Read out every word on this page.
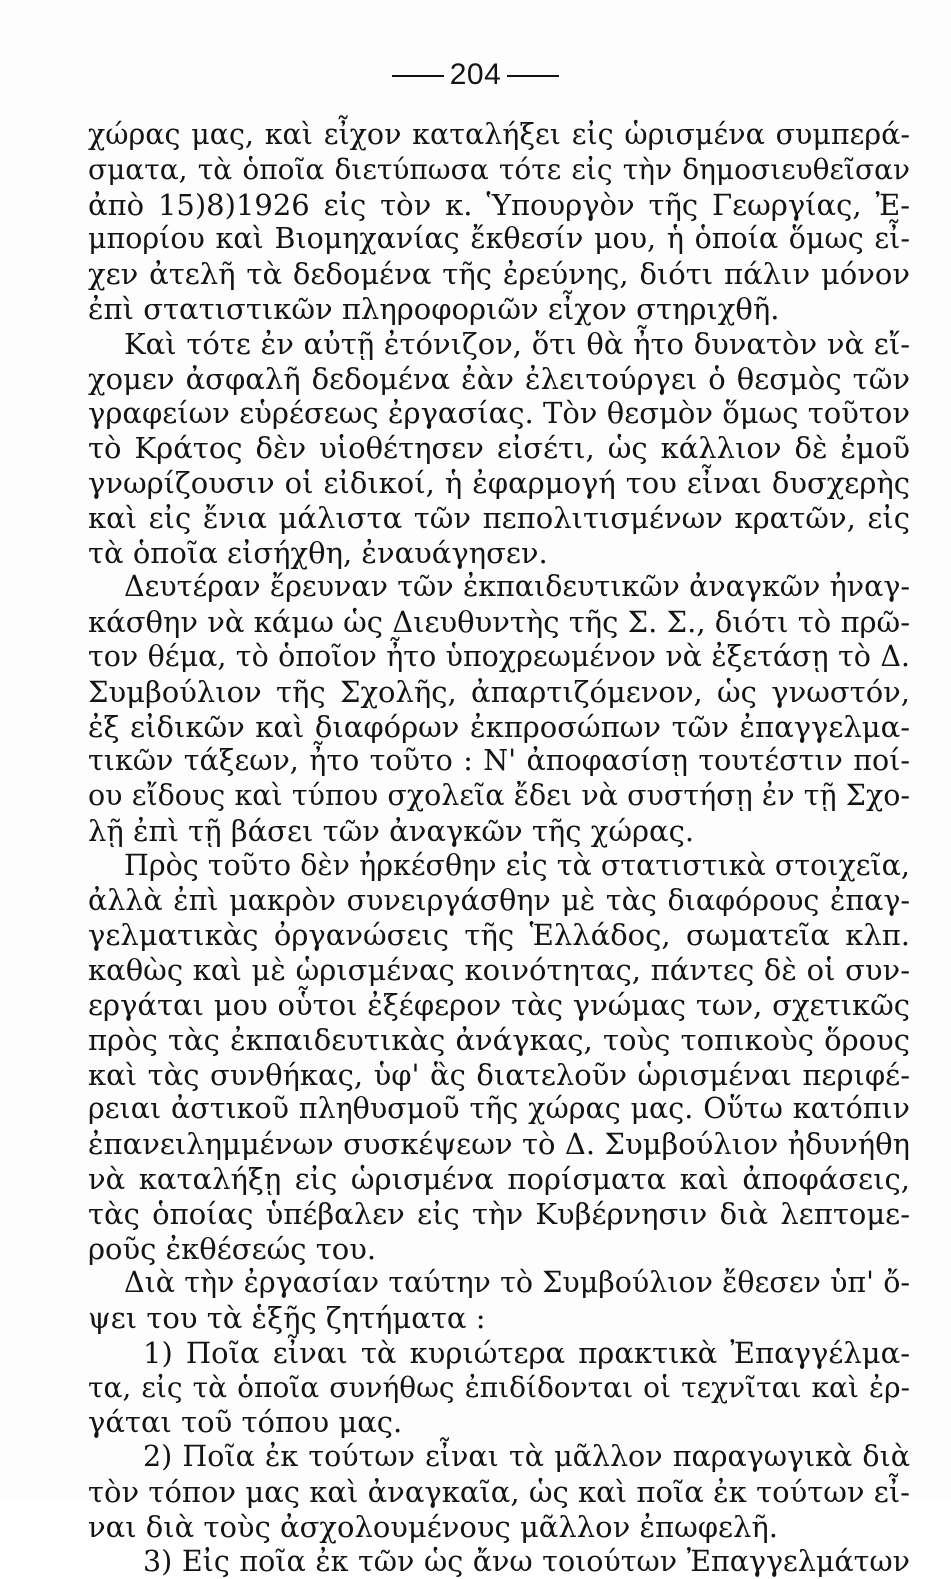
204
χώρας μας, καὶ εἶχον καταλήξει εἰς ὡρισμένα συμπερά-
σματα, τὰ ὁποῖα διετύπωσα τότε εἰς τὴν δημοσιευθεῖσαν
ἀπὸ 15)8)1926 εἰς τὸν κ. Ὑπουργὸν τῆς Γεωργίας, Ἐ-
μπορίου καὶ Βιομηχανίας ἔκθεσίν μου, ἡ ὁποία ὅμως εἶ-
χεν ἀτελῆ τὰ δεδομένα τῆς ἐρεύνης, διότι πάλιν μόνον
ἐπὶ στατιστικῶν πληροφοριῶν εἶχον στηριχθῆ.
Καὶ τότε ἐν αὐτῇ ἐτόνιζον, ὅτι θὰ ἦτο δυνατὸν νὰ εἴ-
χομεν ἀσφαλῆ δεδομένα ἐὰν ἐλειτούργει ὁ θεσμὸς τῶν
γραφείων εὑρέσεως ἐργασίας. Τὸν θεσμὸν ὅμως τοῦτον
τὸ Κράτος δὲν υἱοθέτησεν εἰσέτι, ὡς κάλλιον δὲ ἐμοῦ
γνωρίζουσιν οἱ εἰδικοί, ἡ ἐφαρμογή του εἶναι δυσχερὴς
καὶ εἰς ἔνια μάλιστα τῶν πεπολιτισμένων κρατῶν, εἰς
τὰ ὁποῖα εἰσήχθη, ἐναυάγησεν.
Δευτέραν ἔρευναν τῶν ἐκπαιδευτικῶν ἀναγκῶν ἠναγ-
κάσθην νὰ κάμω ὡς Διευθυντὴς τῆς Σ. Σ., διότι τὸ πρῶ-
τον θέμα, τὸ ὁποῖον ἦτο ὑποχρεωμένον νὰ ἐξετάσῃ τὸ Δ.
Συμβούλιον τῆς Σχολῆς, ἀπαρτιζόμενον, ὡς γνωστόν,
ἐξ εἰδικῶν καὶ διαφόρων ἐκπροσώπων τῶν ἐπαγγελμα-
τικῶν τάξεων, ἦτο τοῦτο : Ν' ἀποφασίσῃ τουτέστιν ποί-
ου εἴδους καὶ τύπου σχολεῖα ἔδει νὰ συστήσῃ ἐν τῇ Σχο-
λῇ ἐπὶ τῇ βάσει τῶν ἀναγκῶν τῆς χώρας.
Πρὸς τοῦτο δὲν ἠρκέσθην εἰς τὰ στατιστικὰ στοιχεῖα,
ἀλλὰ ἐπὶ μακρὸν συνειργάσθην μὲ τὰς διαφόρους ἐπαγ-
γελματικὰς ὀργανώσεις τῆς Ἑλλάδος, σωματεῖα κλπ.
καθὼς καὶ μὲ ὡρισμένας κοινότητας, πάντες δὲ οἱ συν-
εργάται μου οὗτοι ἐξέφερον τὰς γνώμας των, σχετικῶς
πρὸς τὰς ἐκπαιδευτικὰς ἀνάγκας, τοὺς τοπικοὺς ὅρους
καὶ τὰς συνθήκας, ὑφ' ἃς διατελοῦν ὡρισμέναι περιφέ-
ρειαι ἀστικοῦ πληθυσμοῦ τῆς χώρας μας. Οὕτω κατόπιν
ἐπανειλημμένων συσκέψεων τὸ Δ. Συμβούλιον ἠδυνήθη
νὰ καταλήξῃ εἰς ὡρισμένα πορίσματα καὶ ἀποφάσεις,
τὰς ὁποίας ὑπέβαλεν εἰς τὴν Κυβέρνησιν διὰ λεπτομε-
ροῦς ἐκθέσεώς του.
Διὰ τὴν ἐργασίαν ταύτην τὸ Συμβούλιον ἔθεσεν ὑπ' ὄ-
ψει του τὰ ἑξῆς ζητήματα :
1) Ποῖα εἶναι τὰ κυριώτερα πρακτικὰ Ἐπαγγέλμα-
τα, εἰς τὰ ὁποῖα συνήθως ἐπιδίδονται οἱ τεχνῖται καὶ ἐρ-
γάται τοῦ τόπου μας.
2) Ποῖα ἐκ τούτων εἶναι τὰ μᾶλλον παραγωγικὰ διὰ
τὸν τόπον μας καὶ ἀναγκαῖα, ὡς καὶ ποῖα ἐκ τούτων εἶ-
ναι διὰ τοὺς ἀσχολουμένους μᾶλλον ἐπωφελῆ.
3) Εἰς ποῖα ἐκ τῶν ὡς ἄνω τοιούτων Ἐπαγγελμάτων
